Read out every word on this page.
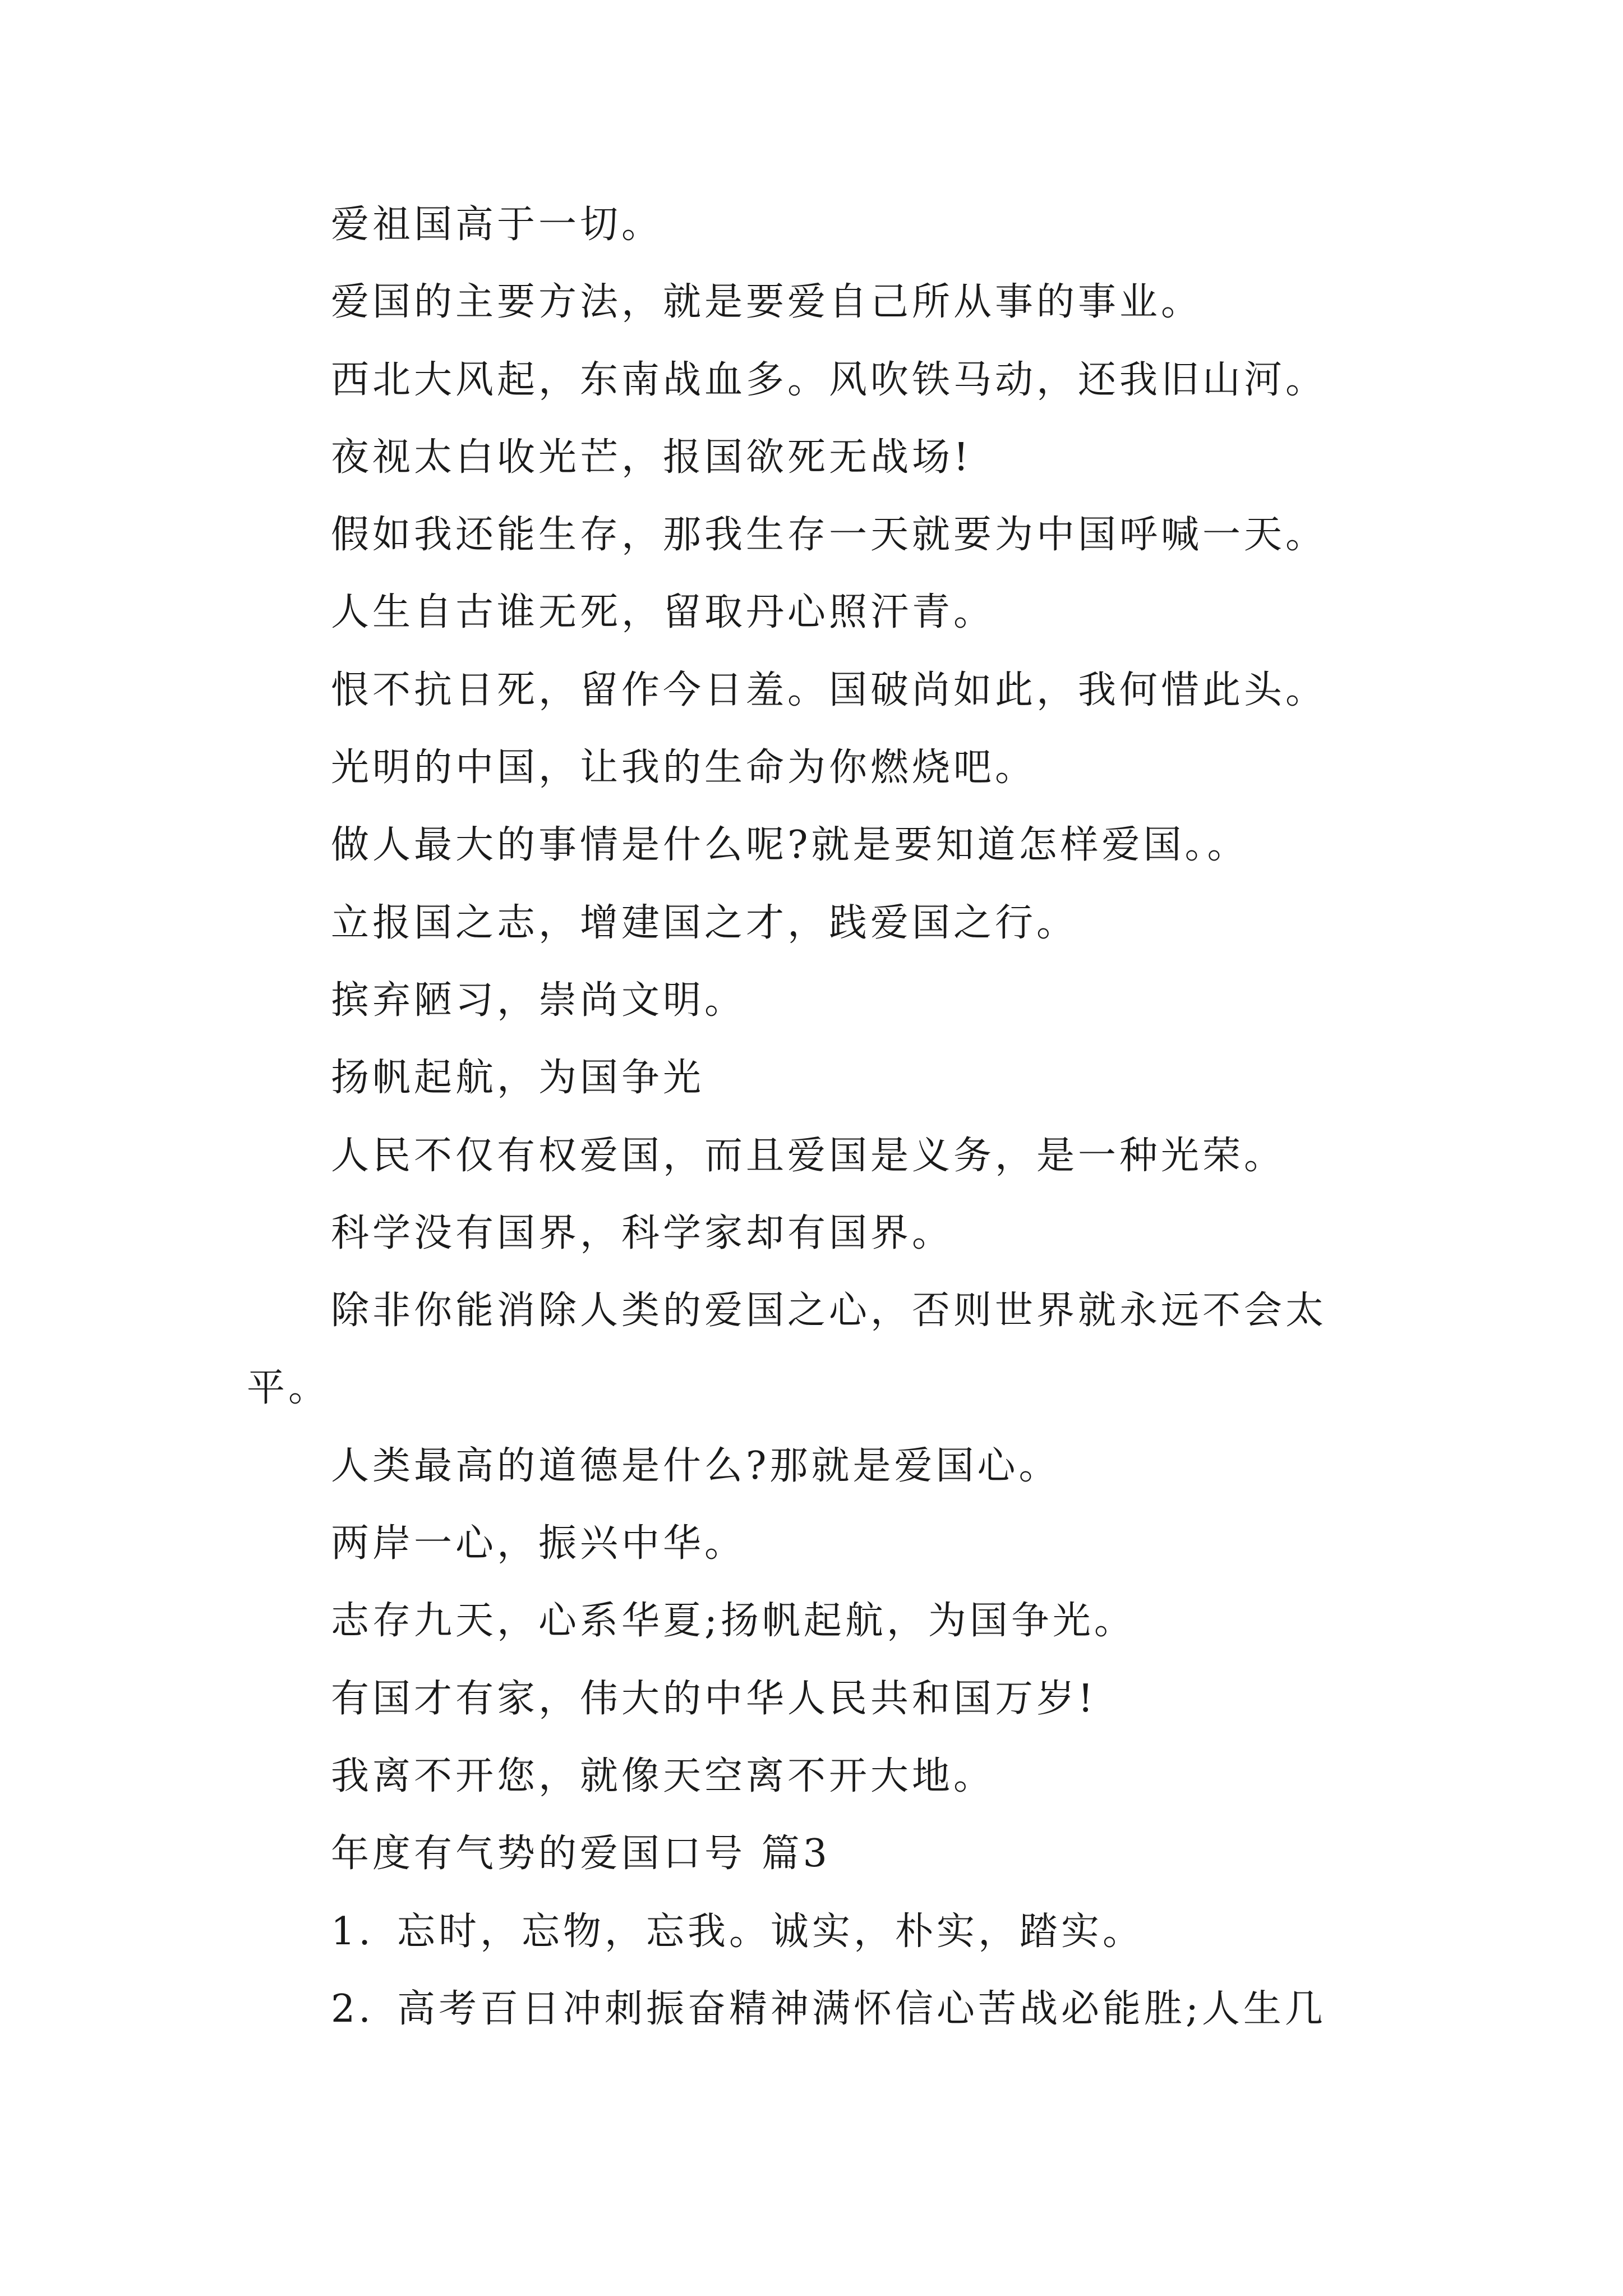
爱祖国高于一切。
爱国的主要方法，就是要爱自己所从事的事业。
西北大风起，东南战血多。风吹铁马动，还我旧山河。
夜视太白收光芒，报国欲死无战场!
假如我还能生存，那我生存一天就要为中国呼喊一天。
人生自古谁无死，留取丹心照汗青。
恨不抗日死，留作今日羞。国破尚如此，我何惜此头。
光明的中国，让我的生命为你燃烧吧。
做人最大的事情是什么呢?就是要知道怎样爱国。。
立报国之志，增建国之才，践爱国之行。
摈弃陋习，崇尚文明。
扬帆起航，为国争光
人民不仅有权爱国，而且爱国是义务，是一种光荣。
科学没有国界，科学家却有国界。
除非你能消除人类的爱国之心，否则世界就永远不会太
平。
人类最高的道德是什么?那就是爱国心。
两岸一心，振兴中华。
志存九天，心系华夏;扬帆起航，为国争光。
有国才有家，伟大的中华人民共和国万岁!
我离不开您，就像天空离不开大地。
年度有气势的爱国口号 篇3
1. 忘时，忘物，忘我。诚实，朴实，踏实。
2. 高考百日冲刺振奋精神满怀信心苦战必能胜;人生几
